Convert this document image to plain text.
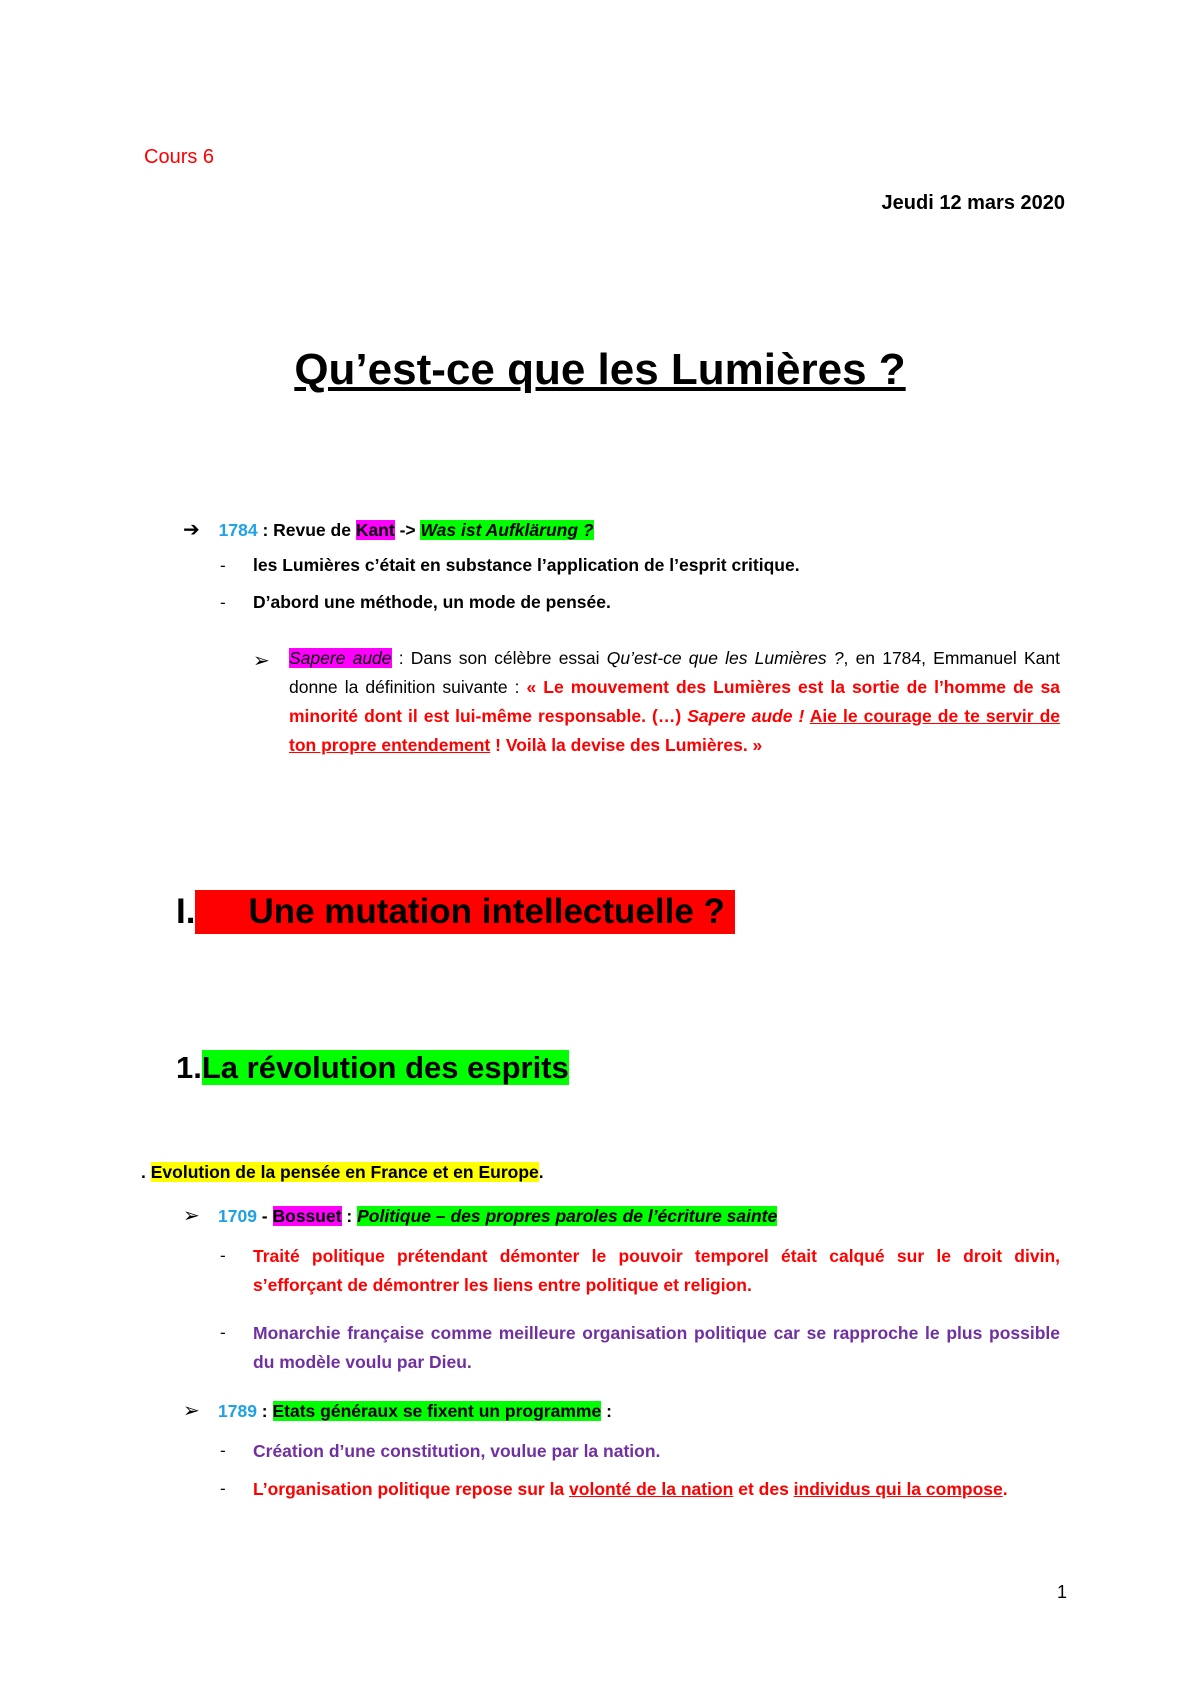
Cours 6
Jeudi 12 mars 2020
Qu’est-ce que les Lumières ?
➔ 1784 : Revue de Kant -> Was ist Aufklärung ?
- les Lumières c’était en substance l’application de l’esprit critique.
- D’abord une méthode, un mode de pensée.
➢ Sapere aude : Dans son célèbre essai Qu’est-ce que les Lumières ?, en 1784, Emmanuel Kant donne la définition suivante : « Le mouvement des Lumières est la sortie de l’homme de sa minorité dont il est lui-même responsable. (…) Sapere aude ! Aie le courage de te servir de ton propre entendement ! Voilà la devise des Lumières. »
I. Une mutation intellectuelle ?
1.La révolution des esprits
. Evolution de la pensée en France et en Europe.
➢ 1709 - Bossuet : Politique – des propres paroles de l’écriture sainte
- Traité politique prétendant démonter le pouvoir temporel était calqué sur le droit divin, s’efforçant de démontrer les liens entre politique et religion.
- Monarchie française comme meilleure organisation politique car se rapproche le plus possible du modèle voulu par Dieu.
➢ 1789 : Etats généraux se fixent un programme :
- Création d’une constitution, voulue par la nation.
- L’organisation politique repose sur la volonté de la nation et des individus qui la compose.
1
